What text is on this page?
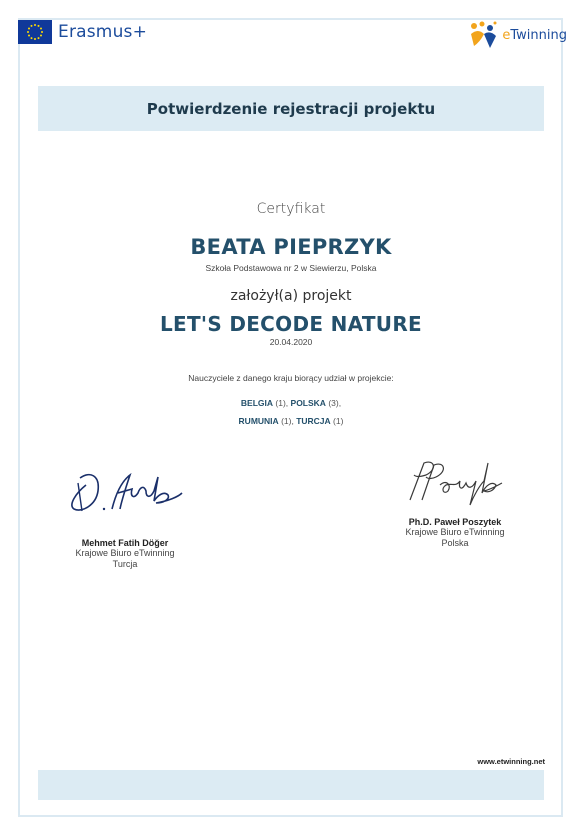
Erasmus+	eTwinning
Potwierdzenie rejestracji projektu
Certyfikat
BEATA PIEPRZYK
Szkoła Podstawowa nr 2 w Siewierzu, Polska
założył(a) projekt
LET'S DECODE NATURE
20.04.2020
Nauczyciele z danego kraju biorący udział w projekcie:
BELGIA (1), POLSKA (3),
RUMUNIA (1), TURCJA (1)
Mehmet Fatih Döğer
Krajowe Biuro eTwinning
Turcja
Ph.D. Paweł Poszytek
Krajowe Biuro eTwinning
Polska
www.etwinning.net
